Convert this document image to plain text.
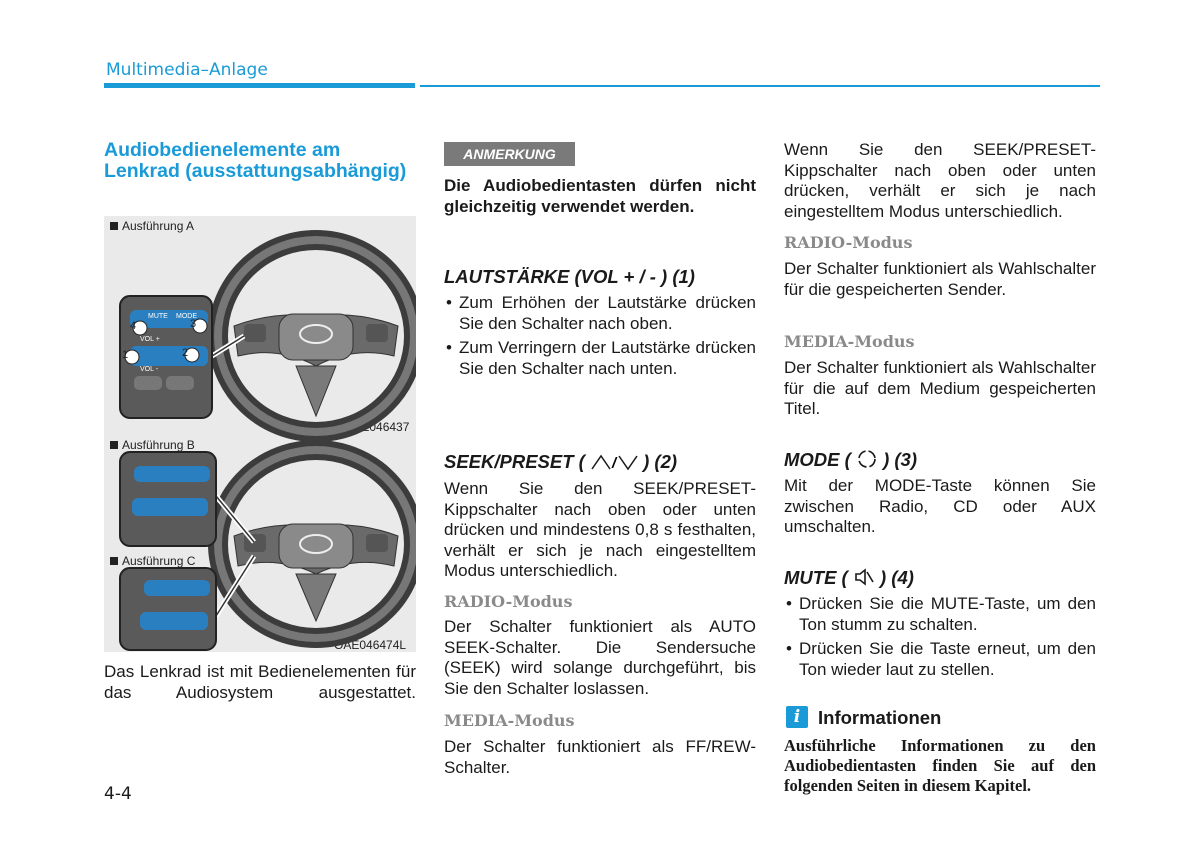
Multimedia–Anlage
Audiobedienelemente am Lenkrad (ausstattungsabhängig)
Ausführung A
Ausführung B
Ausführung C
OAE046437
OAE046474L
4	3
1	2
MUTE MODE
VOL +
VOL -
Das Lenkrad ist mit Bedienelementen für das Audiosystem ausgestattet.
ANMERKUNG
Die Audiobedientasten dürfen nicht gleichzeitig verwendet werden.
LAUTSTÄRKE (VOL + / - ) (1)
• Zum Erhöhen der Lautstärke drücken Sie den Schalter nach oben.
• Zum Verringern der Lautstärke drücken Sie den Schalter nach unten.
SEEK/PRESET ( / ) (2)
Wenn Sie den SEEK/PRESET-Kippschalter nach oben oder unten drücken und mindestens 0,8 s festhalten, verhält er sich je nach eingestelltem Modus unterschiedlich.
RADIO-Modus
Der Schalter funktioniert als AUTO SEEK-Schalter. Die Sendersuche (SEEK) wird solange durchgeführt, bis Sie den Schalter loslassen.
MEDIA-Modus
Der Schalter funktioniert als FF/REW-Schalter.
Wenn Sie den SEEK/PRESET-Kippschalter nach oben oder unten drücken, verhält er sich je nach eingestelltem Modus unterschiedlich.
RADIO-Modus
Der Schalter funktioniert als Wahlschalter für die gespeicherten Sender.
MEDIA-Modus
Der Schalter funktioniert als Wahlschalter für die auf dem Medium gespeicherten Titel.
MODE ( ) (3)
Mit der MODE-Taste können Sie zwischen Radio, CD oder AUX umschalten.
MUTE ( ) (4)
• Drücken Sie die MUTE-Taste, um den Ton stumm zu schalten.
• Drücken Sie die Taste erneut, um den Ton wieder laut zu stellen.
i Informationen
Ausführliche Informationen zu den Audiobedientasten finden Sie auf den folgenden Seiten in diesem Kapitel.
4-4
